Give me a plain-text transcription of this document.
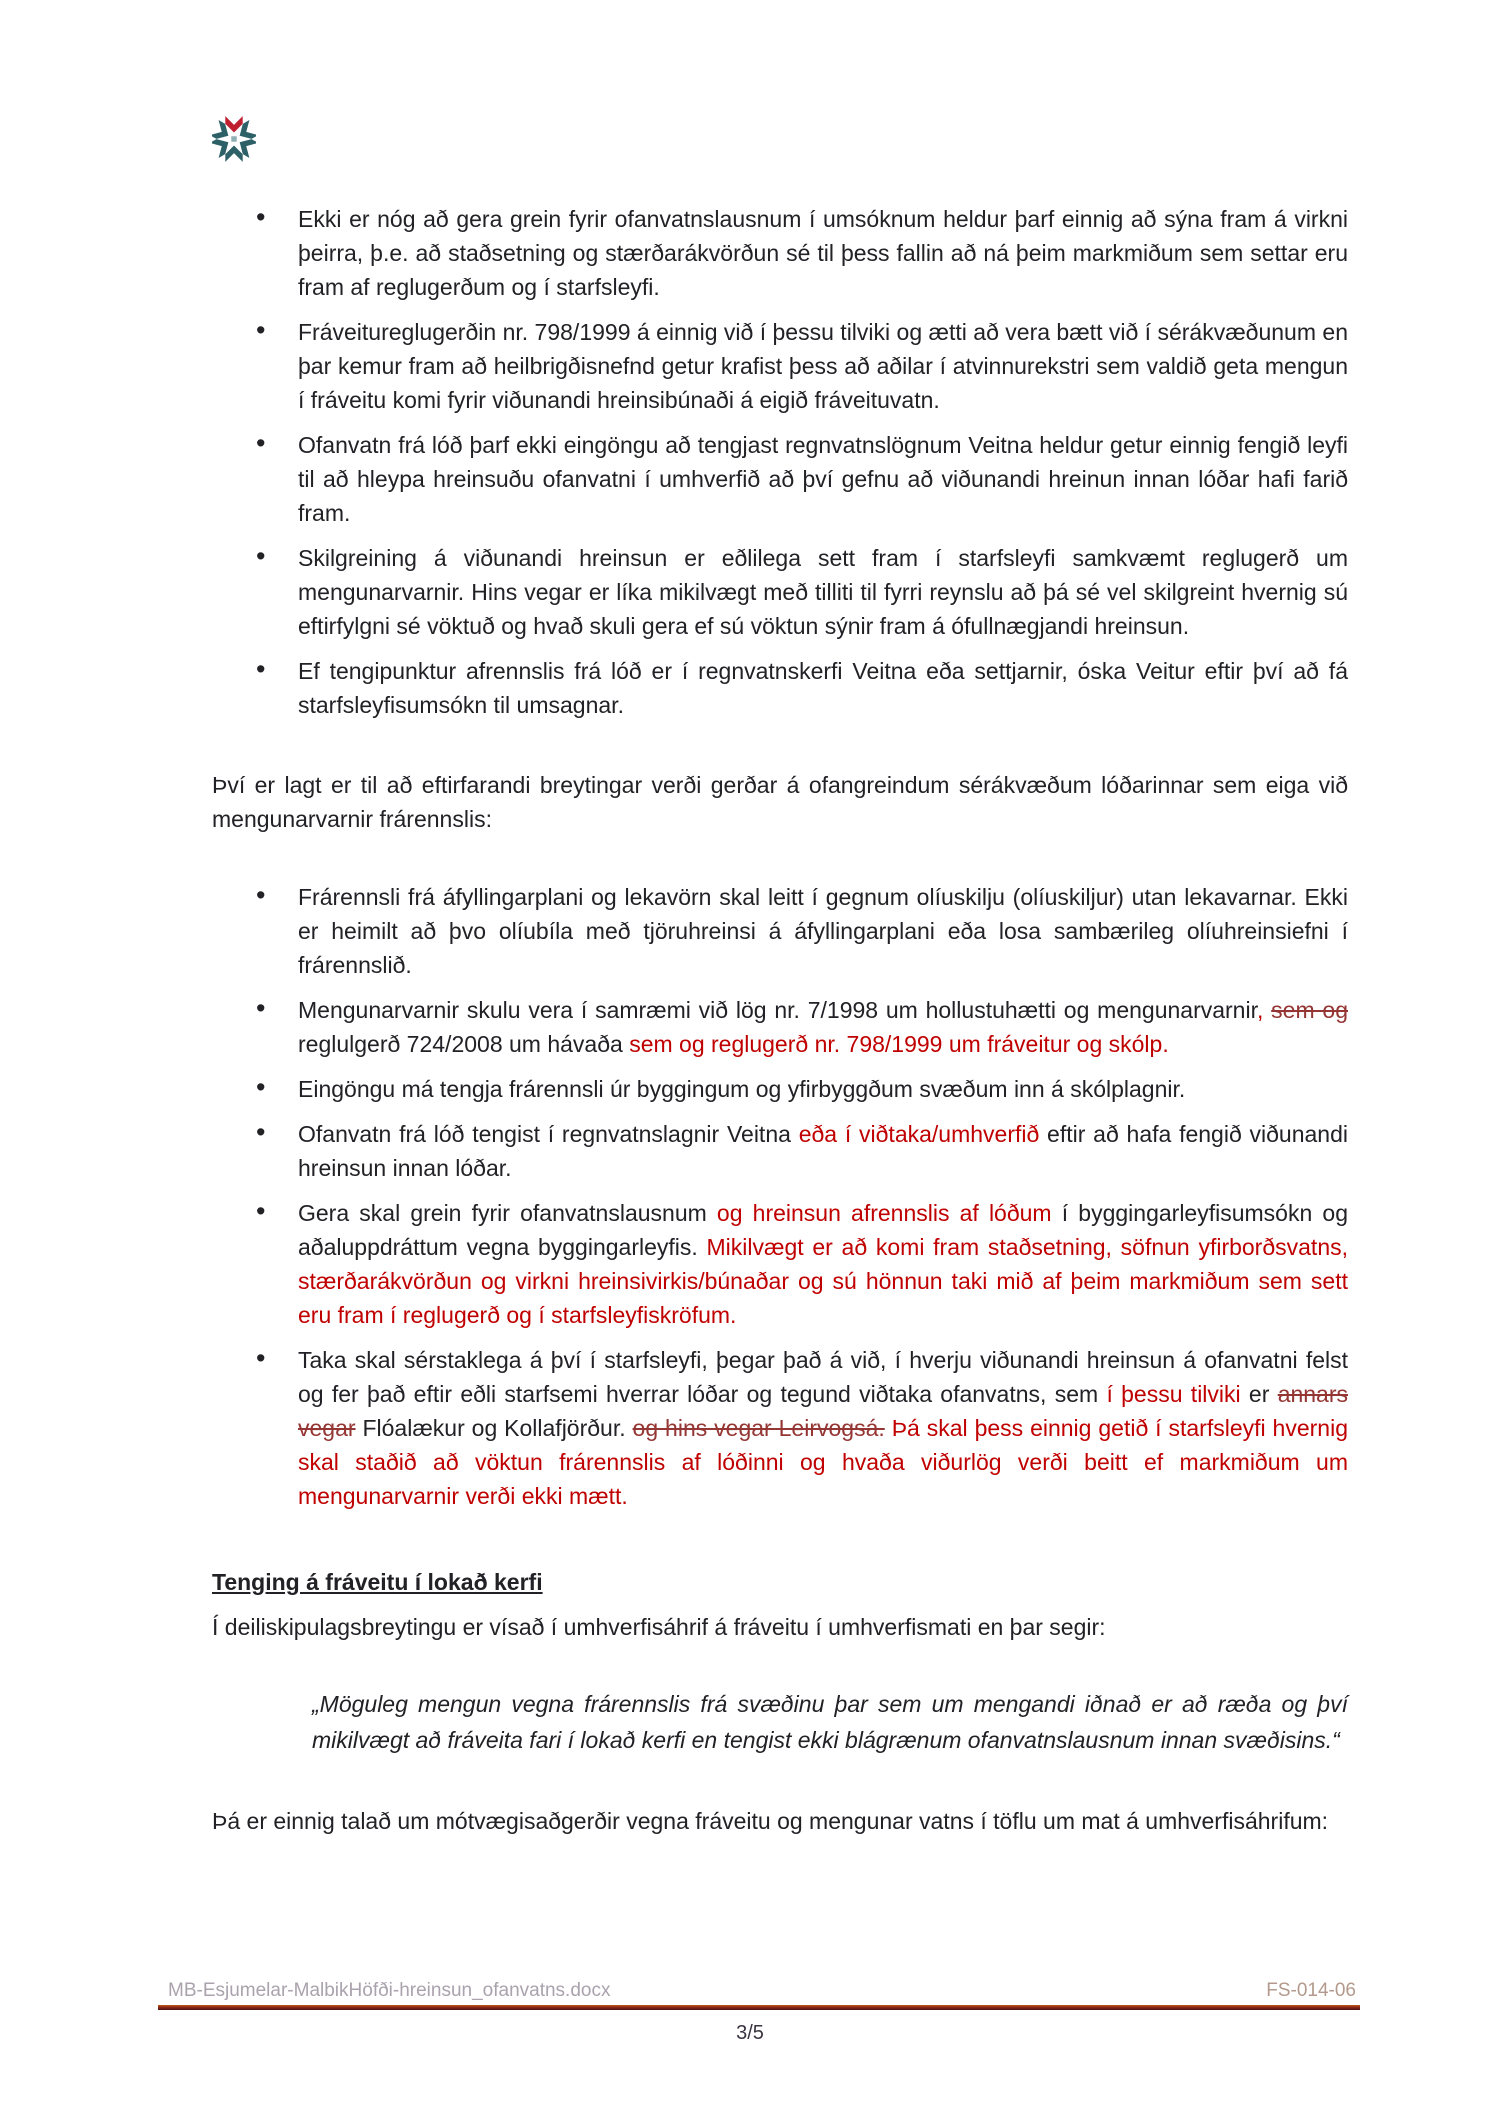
• Ekki er nóg að gera grein fyrir ofanvatnslausnum í umsóknum heldur þarf einnig að sýna fram á virkni þeirra, þ.e. að staðsetning og stærðarákvörðun sé til þess fallin að ná þeim markmiðum sem settar eru fram af reglugerðum og í starfsleyfi.
• Fráveitureglugerðin nr. 798/1999 á einnig við í þessu tilviki og ætti að vera bætt við í sérákvæðunum en þar kemur fram að heilbrigðisnefnd getur krafist þess að aðilar í atvinnurekstri sem valdið geta mengun í fráveitu komi fyrir viðunandi hreinsibúnaði á eigið fráveituvatn.
• Ofanvatn frá lóð þarf ekki eingöngu að tengjast regnvatnslögnum Veitna heldur getur einnig fengið leyfi til að hleypa hreinsuðu ofanvatni í umhverfið að því gefnu að viðunandi hreinun innan lóðar hafi farið fram.
• Skilgreining á viðunandi hreinsun er eðlilega sett fram í starfsleyfi samkvæmt reglugerð um mengunarvarnir. Hins vegar er líka mikilvægt með tilliti til fyrri reynslu að þá sé vel skilgreint hvernig sú eftirfylgni sé vöktuð og hvað skuli gera ef sú vöktun sýnir fram á ófullnægjandi hreinsun.
• Ef tengipunktur afrennslis frá lóð er í regnvatnskerfi Veitna eða settjarnir, óska Veitur eftir því að fá starfsleyfisumsókn til umsagnar.

Því er lagt er til að eftirfarandi breytingar verði gerðar á ofangreindum sérákvæðum lóðarinnar sem eiga við mengunarvarnir frárennslis:

• Frárennsli frá áfyllingarplani og lekavörn skal leitt í gegnum olíuskilju (olíuskiljur) utan lekavarnar. Ekki er heimilt að þvo olíubíla með tjöruhreinsi á áfyllingarplani eða losa sambærileg olíuhreinsiefni í frárennslið.
• Mengunarvarnir skulu vera í samræmi við lög nr. 7/1998 um hollustuhætti og mengunarvarnir, sem og reglulgerð 724/2008 um hávaða sem og reglugerð nr. 798/1999 um fráveitur og skólp.
• Eingöngu má tengja frárennsli úr byggingum og yfirbyggðum svæðum inn á skólplagnir.
• Ofanvatn frá lóð tengist í regnvatnslagnir Veitna eða í viðtaka/umhverfið eftir að hafa fengið viðunandi hreinsun innan lóðar.
• Gera skal grein fyrir ofanvatnslausnum og hreinsun afrennslis af lóðum í byggingarleyfisumsókn og aðaluppdráttum vegna byggingarleyfis. Mikilvægt er að komi fram staðsetning, söfnun yfirborðsvatns, stærðarákvörðun og virkni hreinsivirkis/búnaðar og sú hönnun taki mið af þeim markmiðum sem sett eru fram í reglugerð og í starfsleyfiskröfum.
• Taka skal sérstaklega á því í starfsleyfi, þegar það á við, í hverju viðunandi hreinsun á ofanvatni felst og fer það eftir eðli starfsemi hverrar lóðar og tegund viðtaka ofanvatns, sem í þessu tilviki er annars vegar Flóalækur og Kollafjörður. og hins vegar Leirvogsá. Þá skal þess einnig getið í starfsleyfi hvernig skal staðið að vöktun frárennslis af lóðinni og hvaða viðurlög verði beitt ef markmiðum um mengunarvarnir verði ekki mætt.
Tenging á fráveitu í lokað kerfi

Í deiliskipulagsbreytingu er vísað í umhverfisáhrif á fráveitu í umhverfismati en þar segir:

„Möguleg mengun vegna frárennslis frá svæðinu þar sem um mengandi iðnað er að ræða og því mikilvægt að fráveita fari í lokað kerfi en tengist ekki blágrænum ofanvatnslausnum innan svæðisins.“

Þá er einnig talað um mótvægisaðgerðir vegna fráveitu og mengunar vatns í töflu um mat á umhverfisáhrifum:

MB-Esjumelar-MalbikHöfði-hreinsun_ofanvatns.docx	FS-014-06
3/5
